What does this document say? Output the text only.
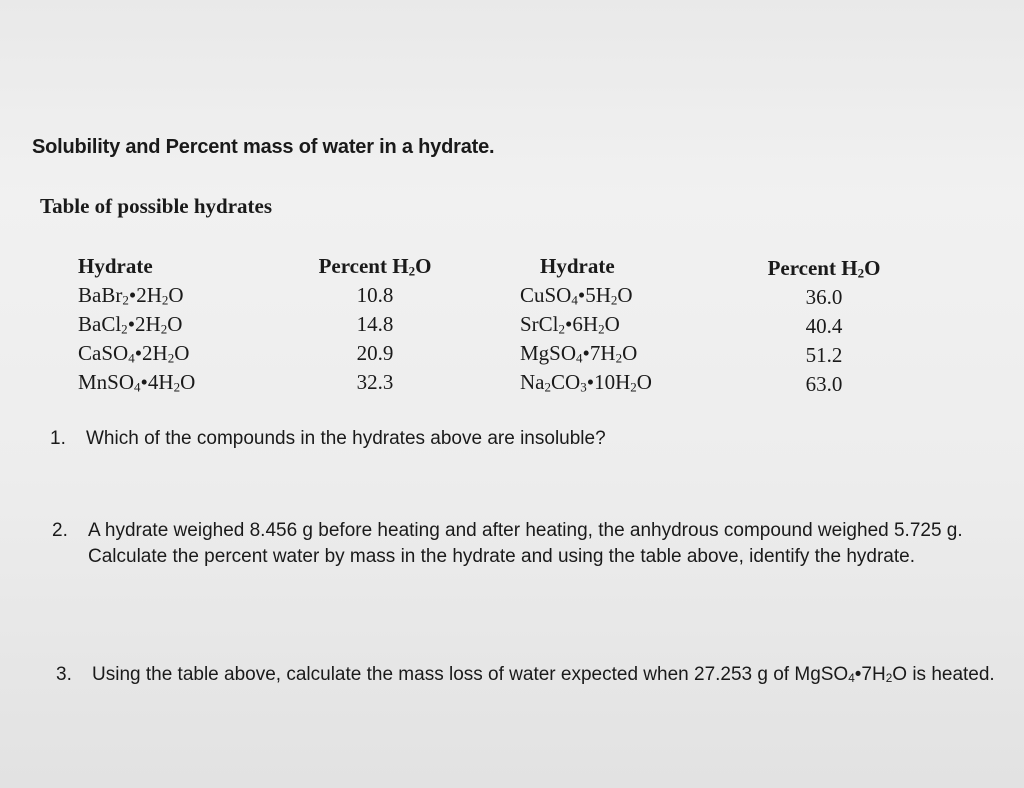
Solubility and Percent mass of water in a hydrate.
Table of possible hydrates
Hydrate
$BaBr_2•2H_2O$
$BaCl_2•2H_2O$
$CaSO_4•2H_2O$
$MnSO_4•4H_2O$
Percent $H_2O$
10.8
14.8
20.9
32.3
Hydrate
$CuSO_4•5H_2O$
$SrCl_2•6H_2O$
$MgSO_4•7H_2O$
$Na_2CO_3•10H_2O$
Percent $H_2O$
36.0
40.4
51.2
63.0
1. Which of the compounds in the hydrates above are insoluble?
2. A hydrate weighed 8.456 g before heating and after heating, the anhydrous compound weighed 5.725 g. Calculate the percent water by mass in the hydrate and using the table above, identify the hydrate.
3. Using the table above, calculate the mass loss of water expected when 27.253 g of $MgSO_4•7H_2O$ is heated.
